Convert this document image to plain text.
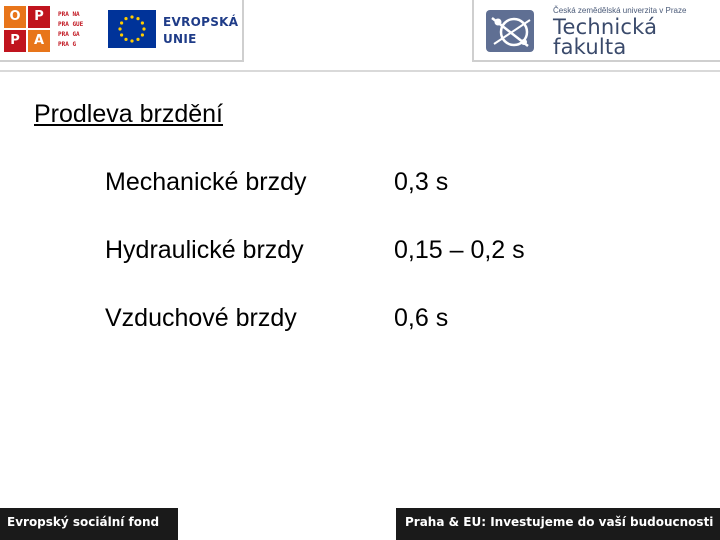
O	P
P	A
PRA NA
PRA GUE
PRA GA
PRA G
EVROPSKÁ
UNIE
Česká zemědělská univerzita v Praze
Technická
fakulta
Prodleva brzdění
Mechanické brzdy	0,3 s
Hydraulické brzdy	0,15 – 0,2 s
Vzduchové brzdy	0,6 s
Evropský sociální fond	Praha & EU: Investujeme do vaší budoucnosti
